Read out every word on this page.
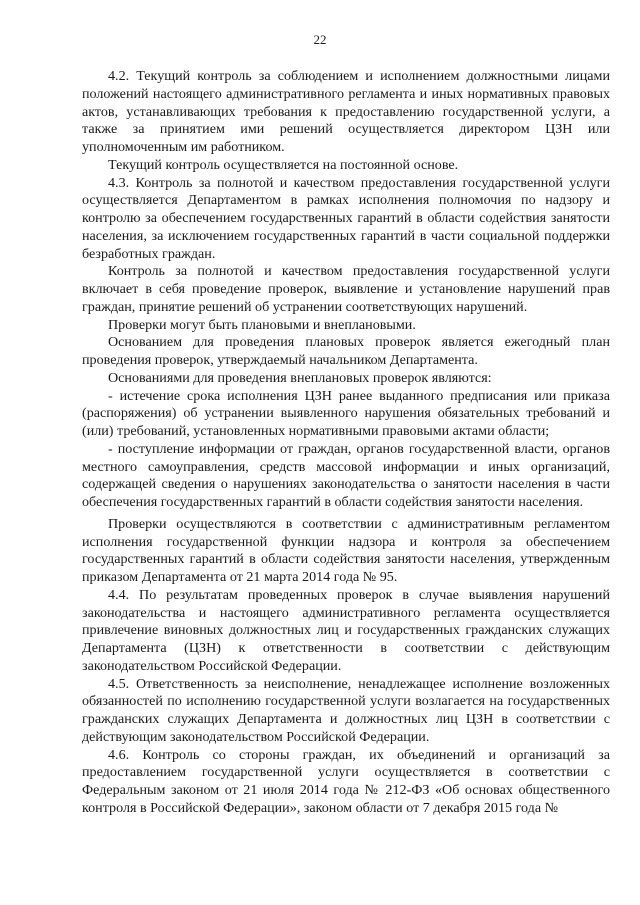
22

4.2. Текущий контроль за соблюдением и исполнением должностными лицами положений настоящего административного регламента и иных нормативных правовых актов, устанавливающих требования к предоставлению государственной услуги, а также за принятием ими решений осуществляется директором ЦЗН или уполномоченным им работником.

Текущий контроль осуществляется на постоянной основе.

4.3. Контроль за полнотой и качеством предоставления государственной услуги осуществляется Департаментом в рамках исполнения полномочия по надзору и контролю за обеспечением государственных гарантий в области содействия занятости населения, за исключением государственных гарантий в части социальной поддержки безработных граждан.

Контроль за полнотой и качеством предоставления государственной услуги включает в себя проведение проверок, выявление и установление нарушений прав граждан, принятие решений об устранении соответствующих нарушений.

Проверки могут быть плановыми и внеплановыми.

Основанием для проведения плановых проверок является ежегодный план проведения проверок, утверждаемый начальником Департамента.

Основаниями для проведения внеплановых проверок являются:

- истечение срока исполнения ЦЗН ранее выданного предписания или приказа (распоряжения) об устранении выявленного нарушения обязательных требований и (или) требований, установленных нормативными правовыми актами области;

- поступление информации от граждан, органов государственной власти, органов местного самоуправления, средств массовой информации и иных организаций, содержащей сведения о нарушениях законодательства о занятости населения в части обеспечения государственных гарантий в области содействия занятости населения.

Проверки осуществляются в соответствии с административным регламентом исполнения государственной функции надзора и контроля за обеспечением государственных гарантий в области содействия занятости населения, утвержденным приказом Департамента от 21 марта 2014 года № 95.

4.4. По результатам проведенных проверок в случае выявления нарушений законодательства и настоящего административного регламента осуществляется привлечение виновных должностных лиц и государственных гражданских служащих Департамента (ЦЗН) к ответственности в соответствии с действующим законодательством Российской Федерации.

4.5. Ответственность за неисполнение, ненадлежащее исполнение возложенных обязанностей по исполнению государственной услуги возлагается на государственных гражданских служащих Департамента и должностных лиц ЦЗН в соответствии с действующим законодательством Российской Федерации.

4.6. Контроль со стороны граждан, их объединений и организаций за предоставлением государственной услуги осуществляется в соответствии с Федеральным законом от 21 июля 2014 года № 212-ФЗ «Об основах общественного контроля в Российской Федерации», законом области от 7 декабря 2015 года №
